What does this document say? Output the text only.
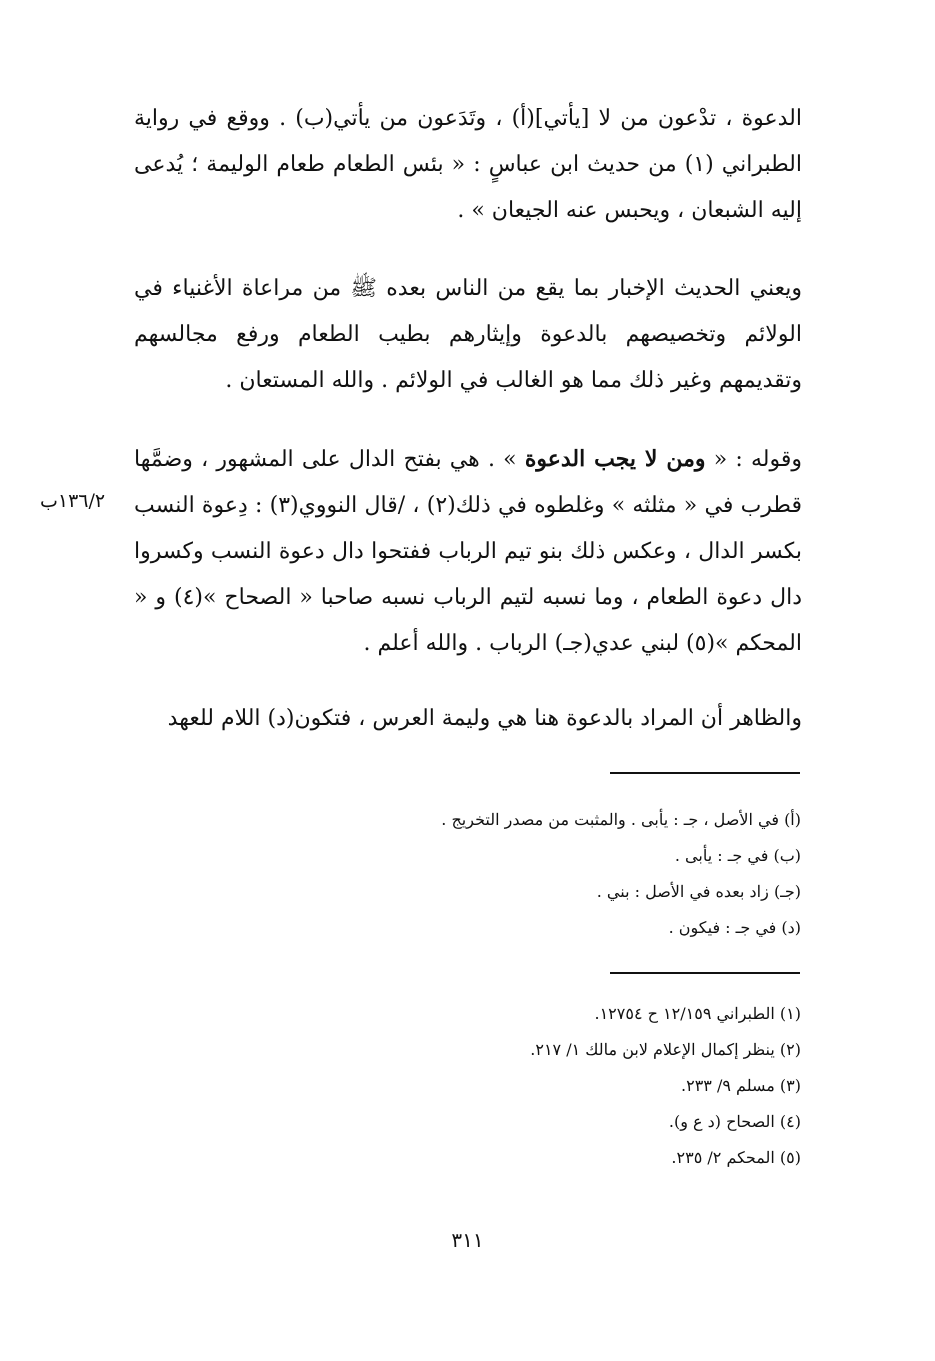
الدعوة ، تدْعون من لا [يأتي](أ) ، وتَدَعون من يأتي(ب) . ووقع في رواية الطبراني (١) من حديث ابن عباسٍ : « بئس الطعام طعام الوليمة ؛ يُدعى إليه الشبعان ، ويحبس عنه الجيعان » .

ويعني الحديث الإخبار بما يقع من الناس بعده ﷺ من مراعاة الأغنياء في الولائم وتخصيصهم بالدعوة وإيثارهم بطيب الطعام ورفع مجالسهم وتقديمهم وغير ذلك مما هو الغالب في الولائم . والله المستعان .

وقوله : « ومن لا يجب الدعوة » . هي بفتح الدال على المشهور ، وضمَّها قطرب في « مثلثه » وغلطوه في ذلك(٢) ، /قال النووي(٣) : دِعوة النسب بكسر الدال ، وعكس ذلك بنو تيم الرباب ففتحوا دال دعوة النسب وكسروا دال دعوة الطعام ، وما نسبه لتيم الرباب نسبه صاحبا « الصحاح »(٤) و « المحكم »(٥) لبني عدي(جـ) الرباب . والله أعلم .

١٣٦/٢ب

والظاهر أن المراد بالدعوة هنا هي وليمة العرس ، فتكون(د) اللام للعهد

(أ) في الأصل ، جـ : يأبى . والمثبت من مصدر التخريج .
(ب) في جـ : يأبى .
(جـ) زاد بعده في الأصل : بني .
(د) في جـ : فيكون .
(١) الطبراني ١٢/١٥٩ ح ١٢٧٥٤.
(٢) ينظر إكمال الإعلام لابن مالك ١/ ٢١٧.
(٣) مسلم ٩/ ٢٣٣.
(٤) الصحاح (د ع و).
(٥) المحكم ٢/ ٢٣٥.
٣١١
